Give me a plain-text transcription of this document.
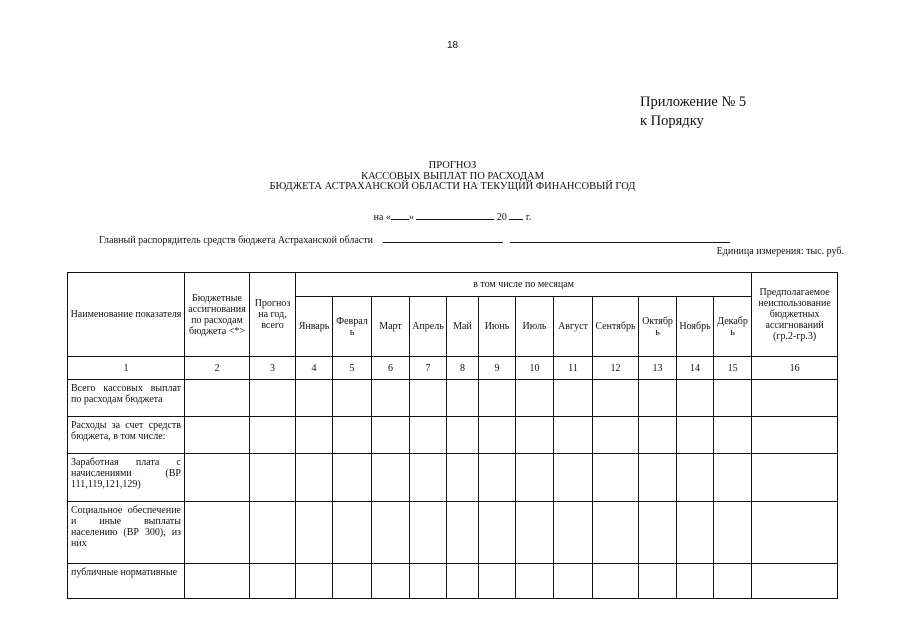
18
Приложение № 5
к Порядку
ПРОГНОЗ
КАССОВЫХ ВЫПЛАТ ПО РАСХОДАМ
БЮДЖЕТА АСТРАХАНСКОЙ ОБЛАСТИ НА ТЕКУЩИЙ ФИНАНСОВЫЙ ГОД
на « »	20 г.
Главный распорядитель средств бюджета Астраханской области
Единица измерения: тыс. руб.
Наименование показателя	Бюджетные ассигнования по расходам бюджета <*>	Прогноз на год, всего	в том числе по месяцам												Предполагаемое неиспользование бюджетных ассигнований (гр.2-гр.3)
			Январь	Февраль	Март	Апрель	Май	Июнь	Июль	Август	Сентябрь	Октябрь	Ноябрь	Декабрь	
1	2	3	4	5	6	7	8	9	10	11	12	13	14	15	16
Всего кассовых выплат по расходам бюджета															
Расходы за счет средств бюджета, в том числе:															
Заработная плата с начислениями (ВР 111,119,121,129)															
Социальное обеспечение и иные выплаты населению (ВР 300), из них															
публичные нормативные															
